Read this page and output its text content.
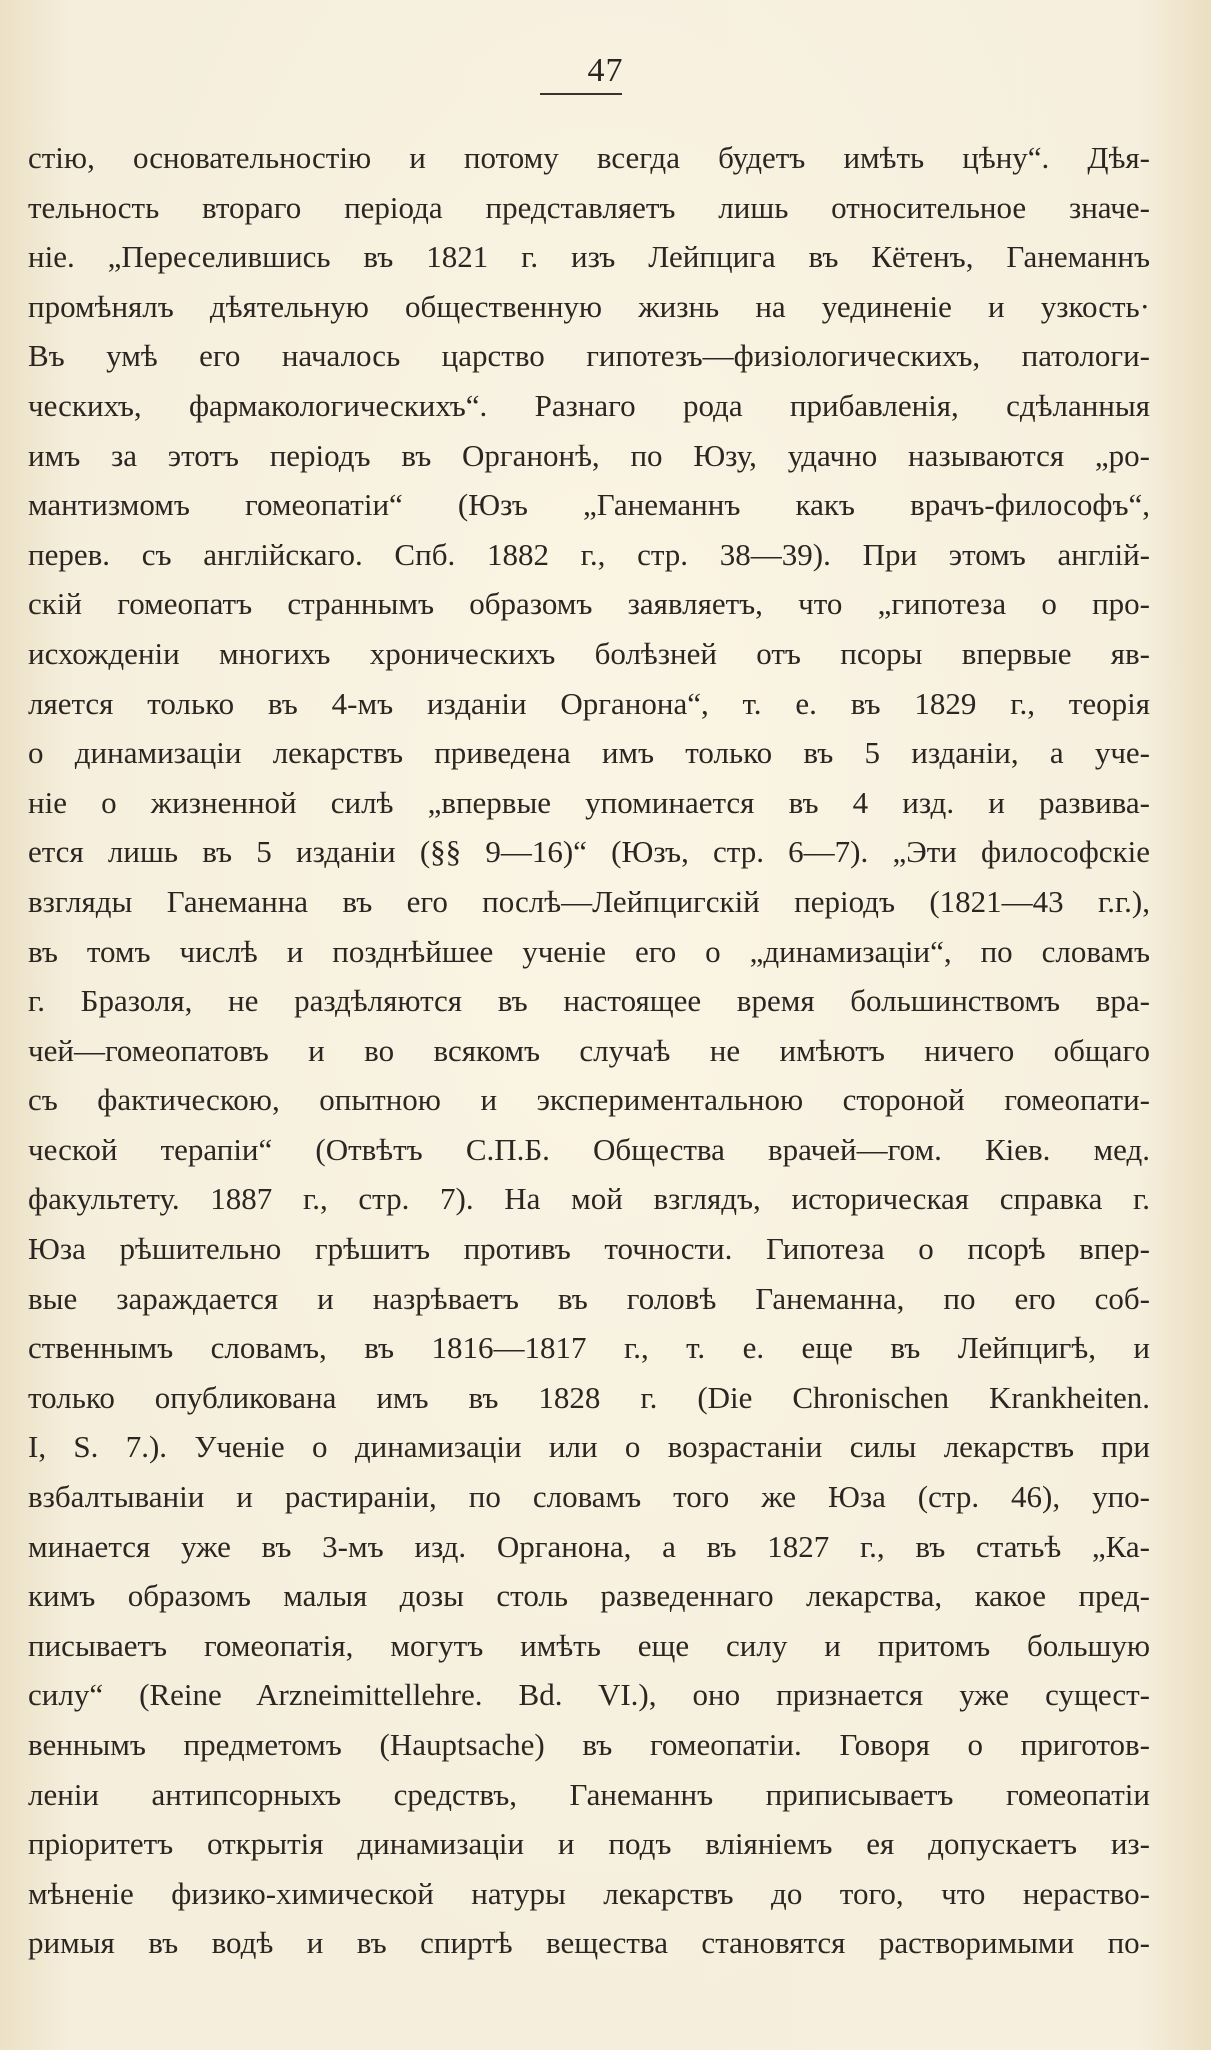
47
стію, основательностію и потому всегда будетъ имѣть цѣну“. Дѣя-
тельность втораго періода представляетъ лишь относительное значе-
ніе. „Переселившись въ 1821 г. изъ Лейпцига въ Кётенъ, Ганеманнъ
промѣнялъ дѣятельную общественную жизнь на уединеніе и узкость·
Въ умѣ его началось царство гипотезъ—физіологическихъ, патологи-
ческихъ, фармакологическихъ“. Разнаго рода прибавленія, сдѣланныя
имъ за этотъ періодъ въ Органонѣ, по Юзу, удачно называются „ро-
мантизмомъ гомеопатіи“ (Юзъ „Ганеманнъ какъ врачъ-философъ“,
перев. съ англійскаго. Спб. 1882 г., стр. 38—39). При этомъ англій-
скій гомеопатъ страннымъ образомъ заявляетъ, что „гипотеза о про-
исхожденіи многихъ хроническихъ болѣзней отъ псоры впервые яв-
ляется только въ 4-мъ изданіи Органона“, т. е. въ 1829 г., теорія
о динамизаціи лекарствъ приведена имъ только въ 5 изданіи, а уче-
ніе о жизненной силѣ „впервые упоминается въ 4 изд. и развива-
ется лишь въ 5 изданіи (§§ 9—16)“ (Юзъ, стр. 6—7). „Эти философскіе
взгляды Ганеманна въ его послѣ—Лейпцигскій періодъ (1821—43 г.г.),
въ томъ числѣ и позднѣйшее ученіе его о „динамизаціи“, по словамъ
г. Бразоля, не раздѣляются въ настоящее время большинствомъ вра-
чей—гомеопатовъ и во всякомъ случаѣ не имѣютъ ничего общаго
съ фактическою, опытною и экспериментальною стороной гомеопати-
ческой терапіи“ (Отвѣтъ С.П.Б. Общества врачей—гом. Кіев. мед.
факультету. 1887 г., стр. 7). На мой взглядъ, историческая справка г.
Юза рѣшительно грѣшитъ противъ точности. Гипотеза о псорѣ впер-
вые зараждается и назрѣваетъ въ головѣ Ганеманна, по его соб-
ственнымъ словамъ, въ 1816—1817 г., т. е. еще въ Лейпцигѣ, и
только опубликована имъ въ 1828 г. (Die Chronischen Krankheiten.
I, S. 7.). Ученіе о динамизаціи или о возрастаніи силы лекарствъ при
взбалтываніи и растираніи, по словамъ того же Юза (стр. 46), упо-
минается уже въ 3-мъ изд. Органона, а въ 1827 г., въ статьѣ „Ка-
кимъ образомъ малыя дозы столь разведеннаго лекарства, какое пред-
писываетъ гомеопатія, могутъ имѣть еще силу и притомъ большую
силу“ (Reine Arzneimittellehre. Bd. VI.), оно признается уже сущест-
веннымъ предметомъ (Hauptsache) въ гомеопатіи. Говоря о приготов-
леніи антипсорныхъ средствъ, Ганеманнъ приписываетъ гомеопатіи
пріоритетъ открытія динамизаціи и подъ вліяніемъ ея допускаетъ из-
мѣненіе физико-химической натуры лекарствъ до того, что нераство-
римыя въ водѣ и въ спиртѣ вещества становятся растворимыми по-
